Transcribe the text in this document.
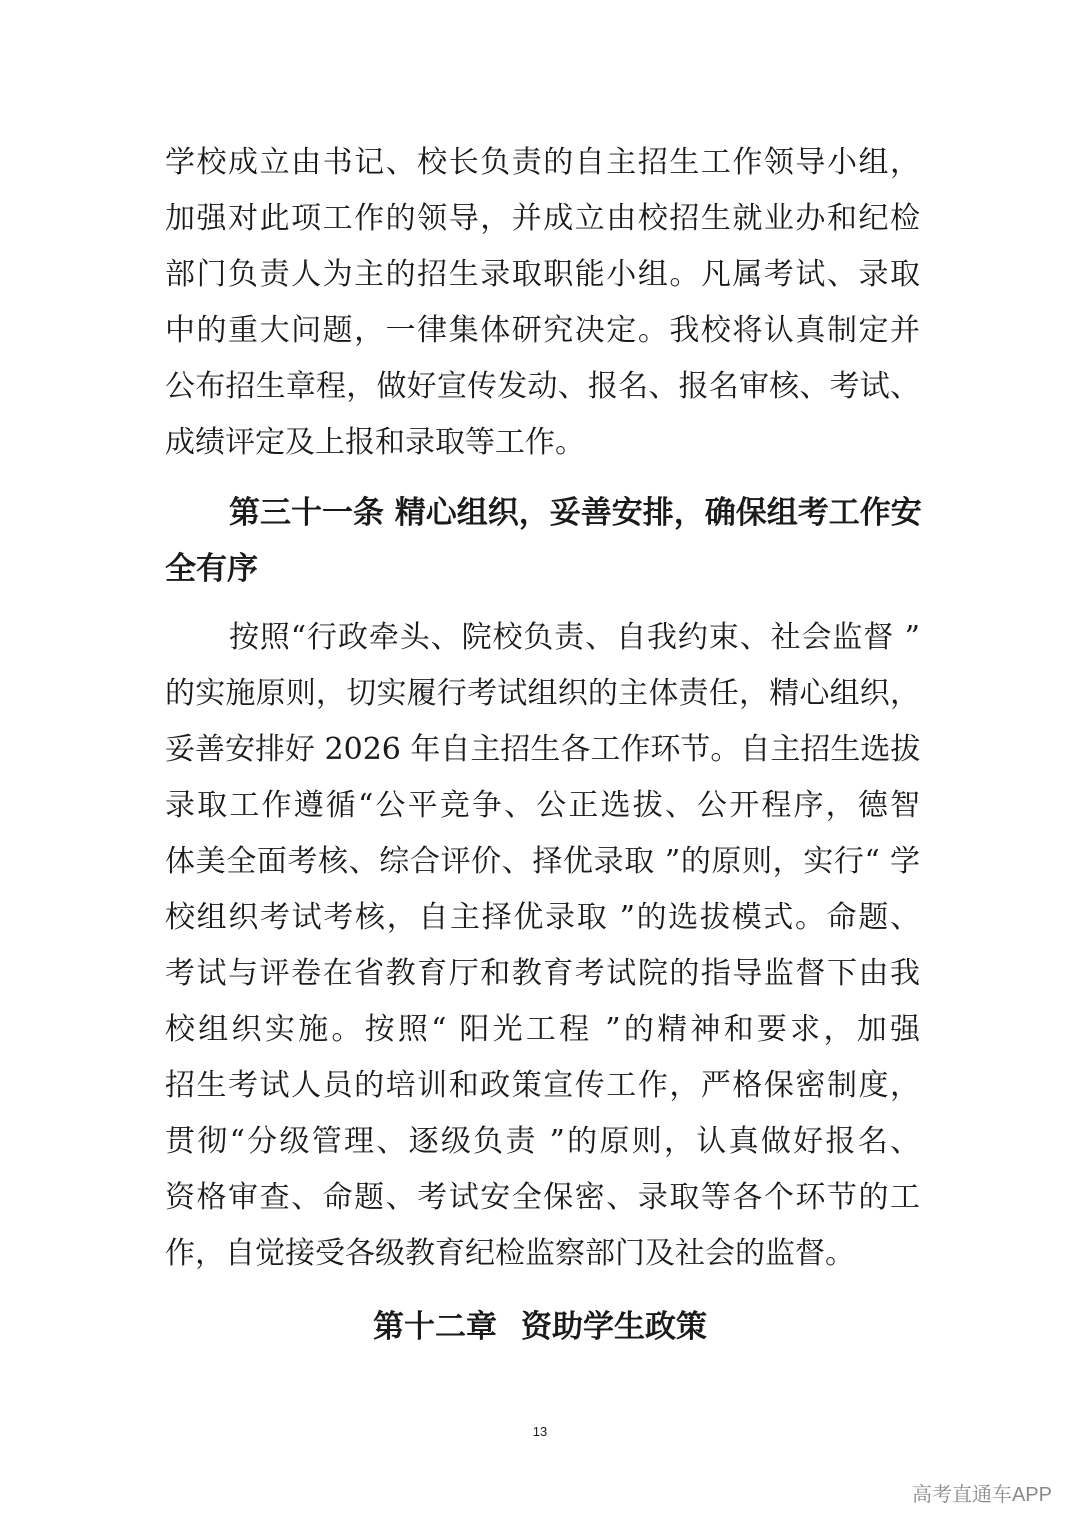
学校成立由书记、校长负责的自主招生工作领导小组，
加强对此项工作的领导，并成立由校招生就业办和纪检
部门负责人为主的招生录取职能小组。凡属考试、录取
中的重大问题，一律集体研究决定。我校将认真制定并
公布招生章程，做好宣传发动、报名、报名审核、考试、
成绩评定及上报和录取等工作。
第三十一条 精心组织，妥善安排，确保组考工作安
全有序
按照“行政牵头、院校负责、自我约束、社会监督 ”
的实施原则，切实履行考试组织的主体责任，精心组织，
妥善安排好 2026 年自主招生各工作环节。自主招生选拔
录取工作遵循“公平竞争、公正选拔、公开程序，德智
体美全面考核、综合评价、择优录取 ”的原则，实行“ 学
校组织考试考核，自主择优录取 ”的选拔模式。命题、
考试与评卷在省教育厅和教育考试院的指导监督下由我
校组织实施。按照“ 阳光工程 ”的精神和要求，加强
招生考试人员的培训和政策宣传工作，严格保密制度，
贯彻“分级管理、逐级负责 ”的原则，认真做好报名、
资格审查、命题、考试安全保密、录取等各个环节的工
作，自觉接受各级教育纪检监察部门及社会的监督。
第十二章 资助学生政策
13
高考直通车APP
